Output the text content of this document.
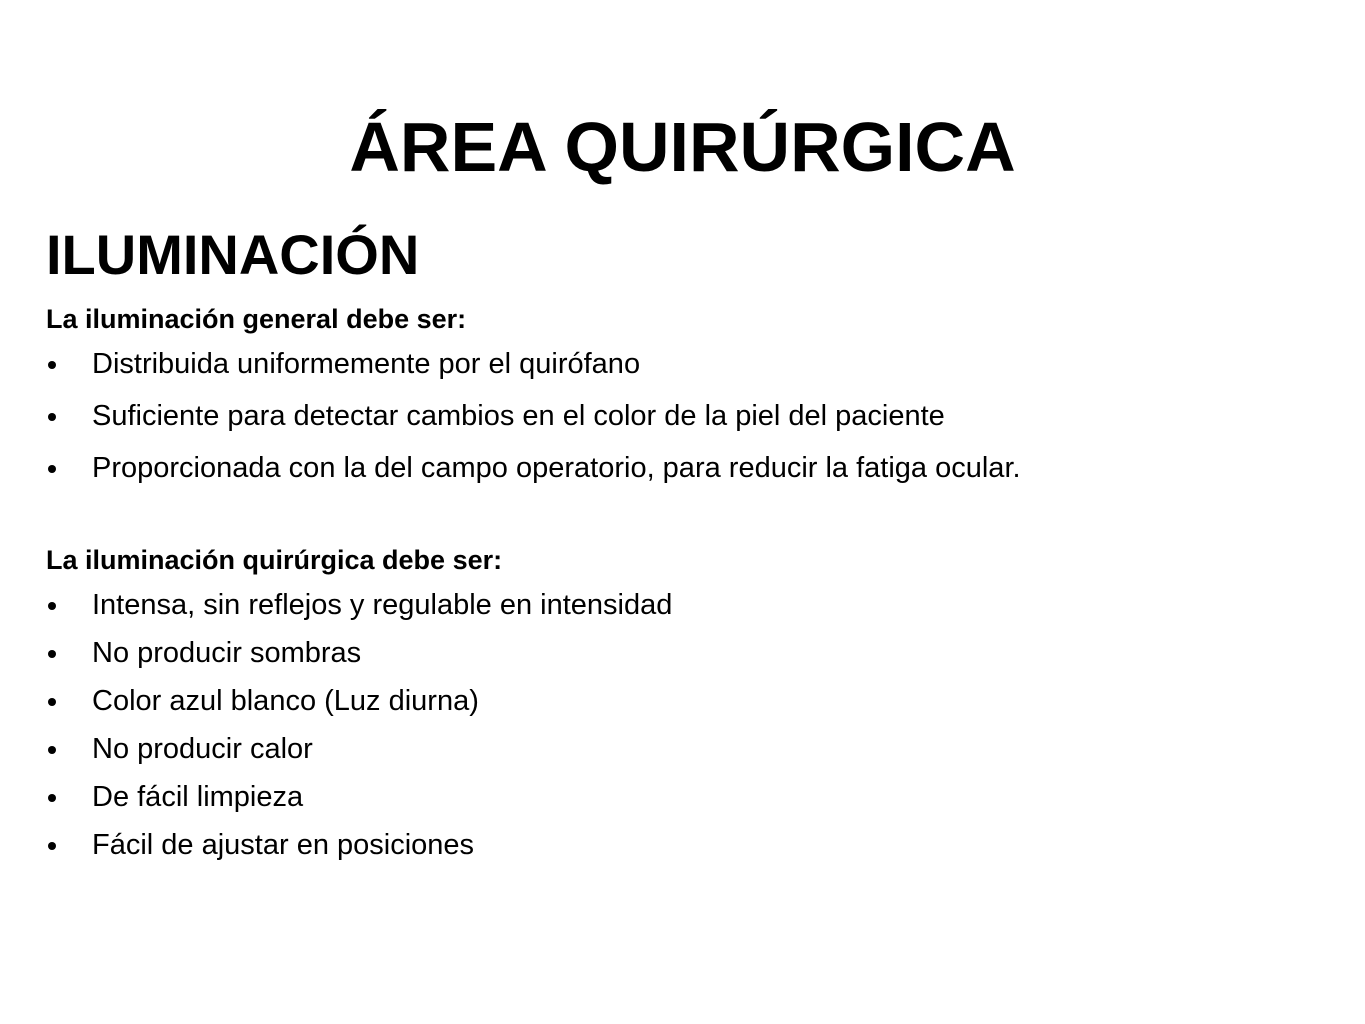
ÁREA QUIRÚRGICA
ILUMINACIÓN
La iluminación general debe ser:
Distribuida uniformemente por el quirófano
Suficiente para detectar cambios en el color de la piel del paciente
Proporcionada con la del campo operatorio, para reducir la fatiga ocular.
La iluminación quirúrgica debe ser:
Intensa, sin reflejos y regulable en intensidad
No producir sombras
Color azul blanco (Luz diurna)
No producir calor
De fácil limpieza
Fácil de ajustar en posiciones
